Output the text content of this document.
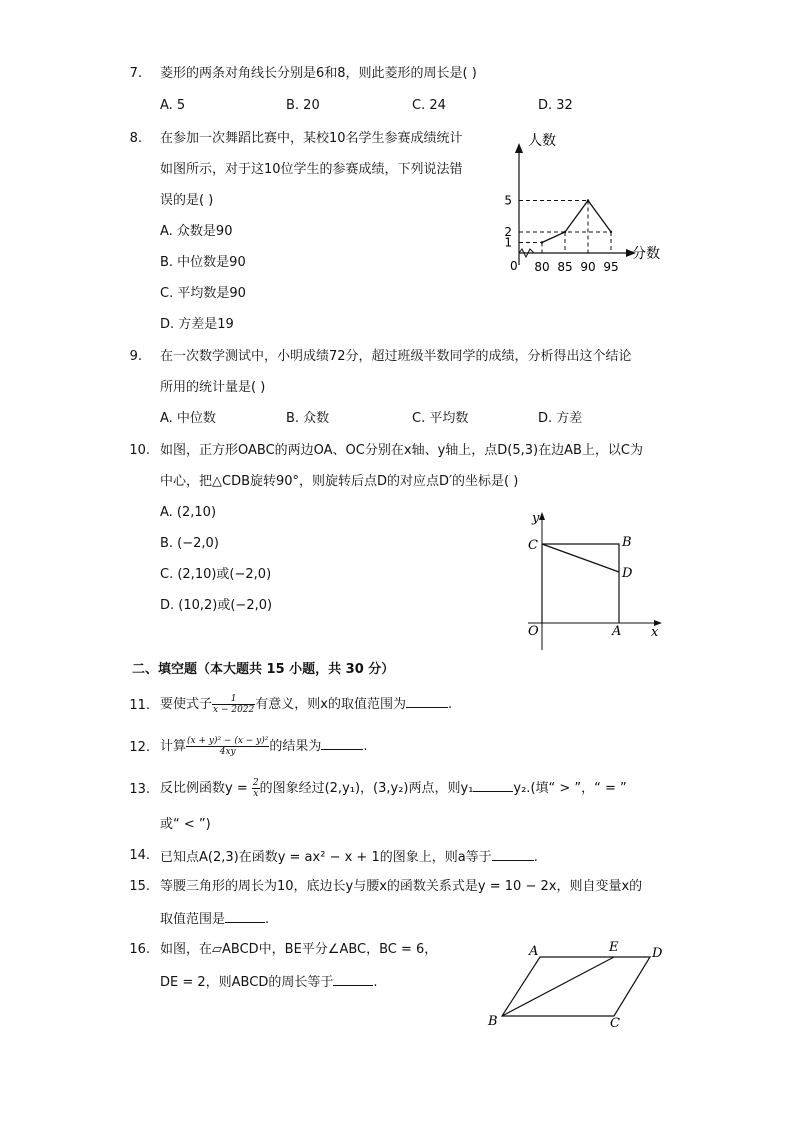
7. 菱形的两条对角线长分别是6和8，则此菱形的周长是( )
A. 5	B. 20	C. 24	D. 32
8. 在参加一次舞蹈比赛中，某校10名学生参赛成绩统计
如图所示，对于这10位学生的参赛成绩，下列说法错
误的是( )
A. 众数是90
B. 中位数是90
C. 平均数是90
D. 方差是19
人数
分数
0 80 85 90 95
1
2
5
9. 在一次数学测试中，小明成绩72分，超过班级半数同学的成绩，分析得出这个结论
所用的统计量是( )
A. 中位数	B. 众数	C. 平均数	D. 方差
10. 如图，正方形OABC的两边OA、OC分别在x轴、y轴上，点D(5,3)在边AB上，以C为
中心，把△CDB旋转90°，则旋转后点D的对应点D′的坐标是( )
A. (2,10)
B. (−2,0)
C. (2,10)或(−2,0)
D. (10,2)或(−2,0)
y
C	B
D
O	A x
二、填空题（本大题共 15 小题，共 30 分）
11. 要使式子 $\frac{1}{x - 2022}$ 有意义，则x的取值范围为	.
12. 计算 $\frac{\text{(x + y)² − (x − y)²}}{4xy}$ 的结果为	.
13. 反比例函数$y = \frac{2}{x}$ 的图象经过(2,y₁)，(3,y₂)两点，则y₁	y₂.(填“ > ”，“ = ”
或“ < ”)
14. 已知点A(2,3)在函数y = ax² − x + 1的图象上，则a等于	.
15. 等腰三角形的周长为10，底边长y与腰x的函数关系式是y = 10 − 2x，则自变量x的
取值范围是	.
16. 如图，在▱ABCD中，BE平分∠ABC，BC = 6，
DE = 2，则ABCD的周长等于	.
A	E	D
B	C
